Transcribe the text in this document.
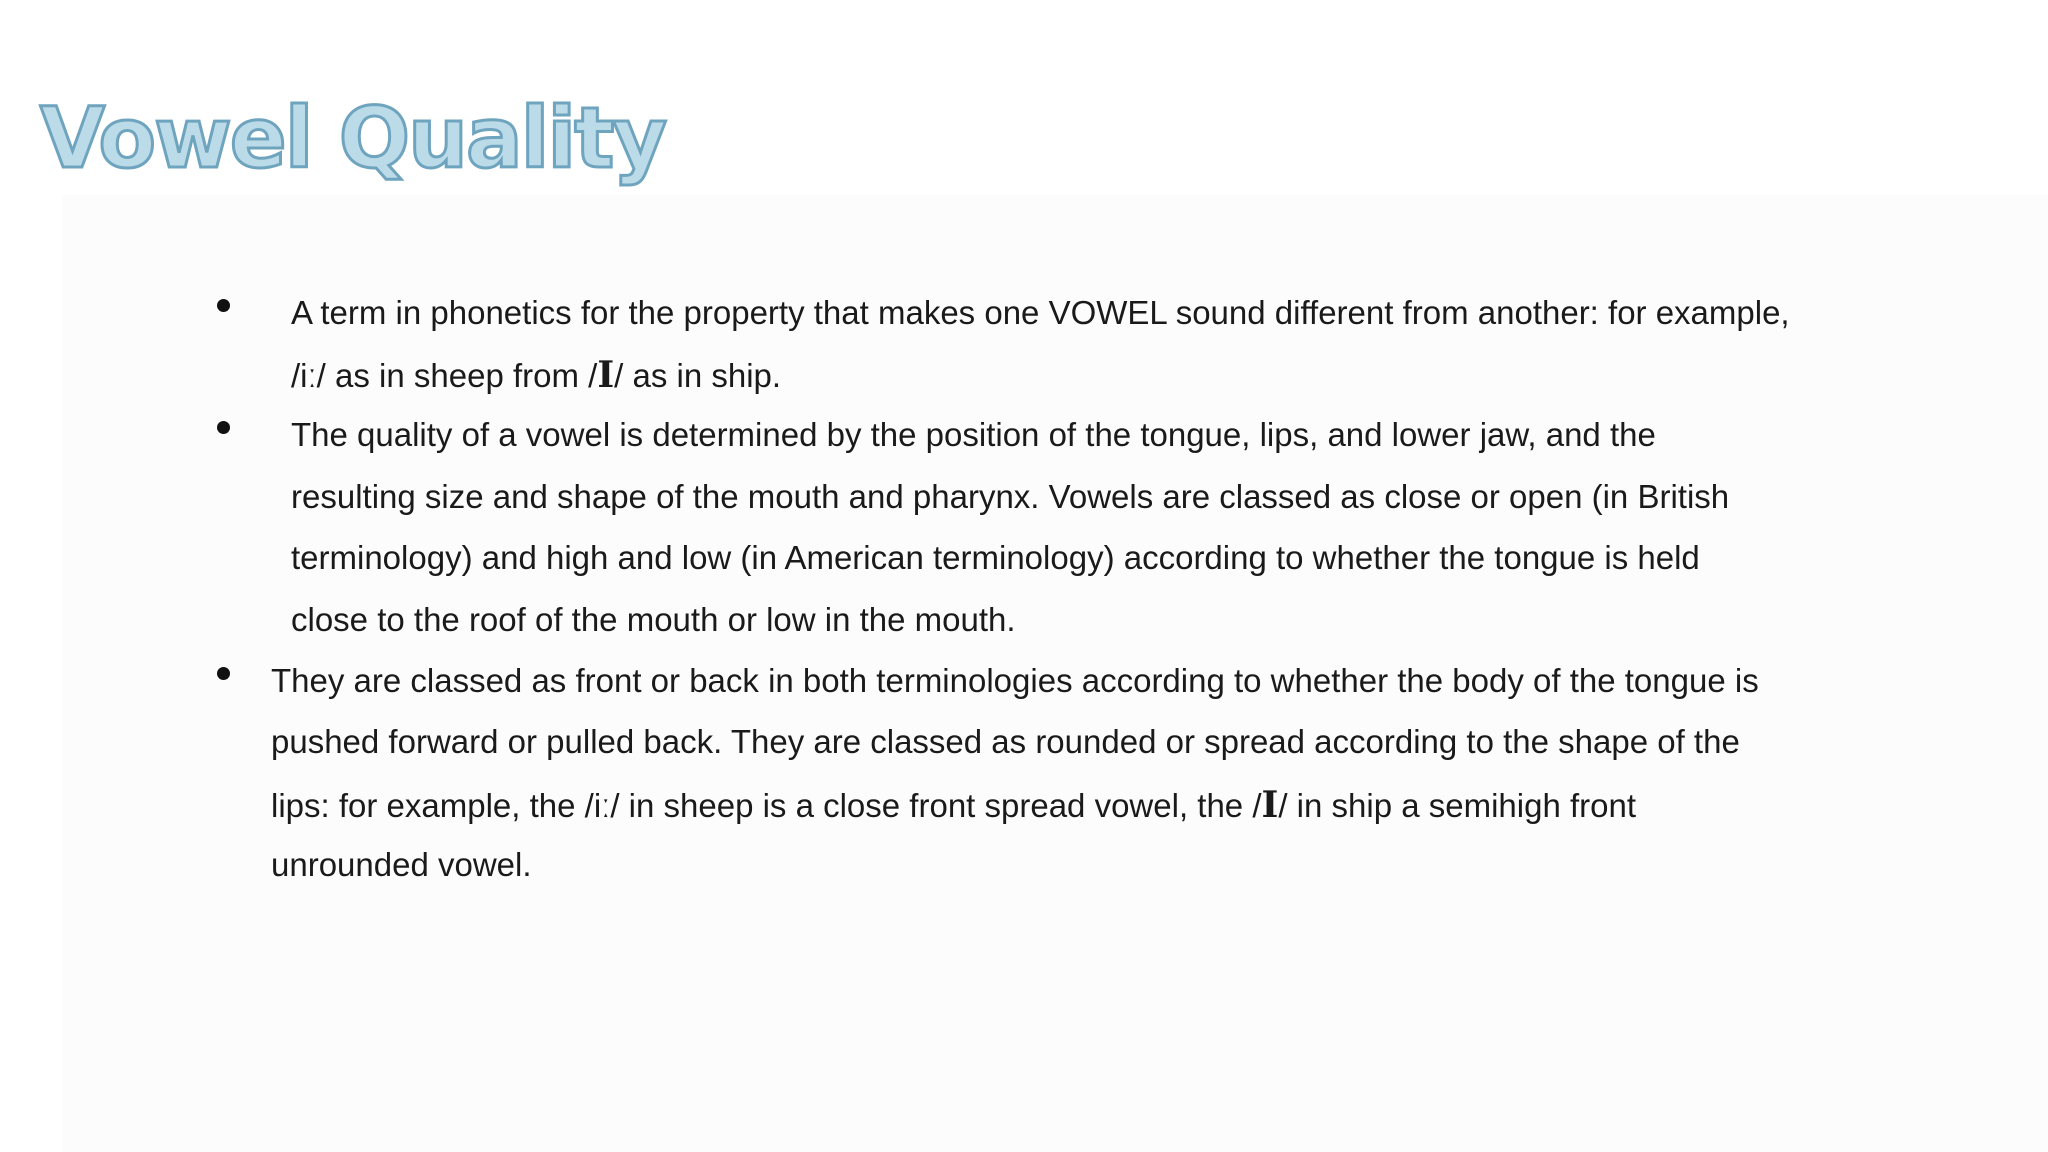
Vowel Quality
A term in phonetics for the property that makes one VOWEL sound different from another: for example,
/iː/ as in sheep from /I/ as in ship.
The quality of a vowel is determined by the position of the tongue, lips, and lower jaw, and the
resulting size and shape of the mouth and pharynx. Vowels are classed as close or open (in British
terminology) and high and low (in American terminology) according to whether the tongue is held
close to the roof of the mouth or low in the mouth.
They are classed as front or back in both terminologies according to whether the body of the tongue is
pushed forward or pulled back. They are classed as rounded or spread according to the shape of the
lips: for example, the /iː/ in sheep is a close front spread vowel, the /I/ in ship a semihigh front
unrounded vowel.
